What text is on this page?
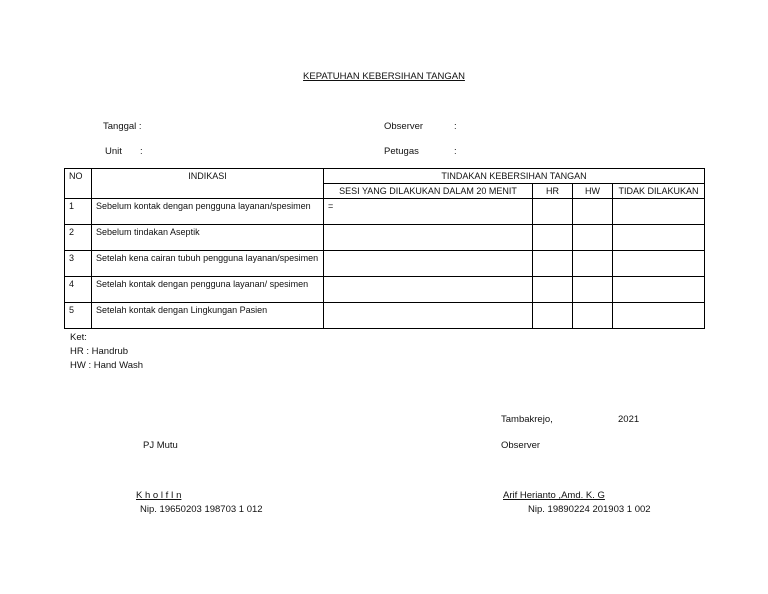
KEPATUHAN KEBERSIHAN TANGAN
Tanggal :
Unit :
Observer	:
Petugas	:
NO	INDIKASI	TINDAKAN KEBERSIHAN TANGAN			
		SESI YANG DILAKUKAN DALAM 20 MENIT	HR	HW	TIDAK DILAKUKAN
1	Sebelum kontak dengan pengguna layanan/spesimen	=			
2	Sebelum tindakan Aseptik				
3	Setelah kena cairan tubuh pengguna layanan/spesimen				
4	Setelah kontak dengan pengguna layanan/ spesimen				
5	Setelah kontak dengan Lingkungan Pasien				
Ket:
HR : Handrub
HW : Hand Wash
Tambakrejo,	2021
PJ Mutu	Observer
K h o l f I n
Nip. 19650203 198703 1 012
Arif Herianto ,Amd. K. G
Nip. 19890224 201903 1 002
